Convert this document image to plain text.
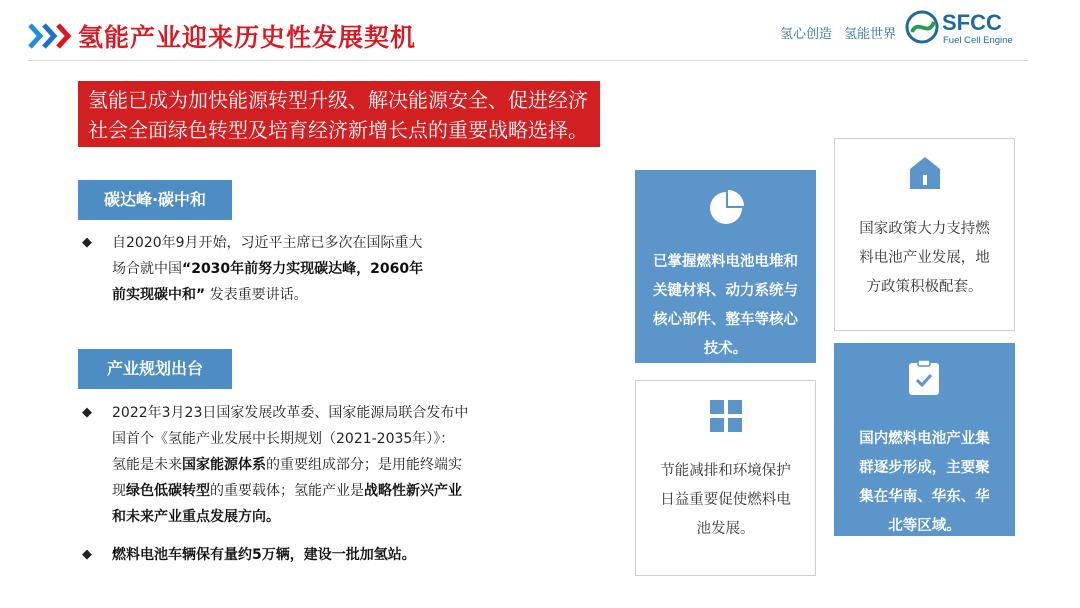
氢能产业迎来历史性发展契机	氢心创造 氢能世界 SFCC
Fuel Cell Engine
氢能已成为加快能源转型升级、解决能源安全、促进经济
社会全面绿色转型及培育经济新增长点的重要战略选择。
碳达峰·碳中和
◆ 自2020年9月开始，习近平主席已多次在国际重大
场合就中国“2030年前努力实现碳达峰，2060年
前实现碳中和” 发表重要讲话。
产业规划出台
◆ 2022年3月23日国家发展改革委、国家能源局联合发布中
国首个《氢能产业发展中长期规划（2021-2035年）》：
氢能是未来国家能源体系的重要组成部分；是用能终端实
现绿色低碳转型的重要载体；氢能产业是战略性新兴产业
和未来产业重点发展方向。
◆ 燃料电池车辆保有量约5万辆，建设一批加氢站。
已掌握燃料电池电堆和
关键材料、动力系统与
核心部件、整车等核心
技术。
节能减排和环境保护
日益重要促使燃料电
池发展。
国家政策大力支持燃
料电池产业发展，地
方政策积极配套。
国内燃料电池产业集
群逐步形成，主要聚
集在华南、华东、华
北等区域。
